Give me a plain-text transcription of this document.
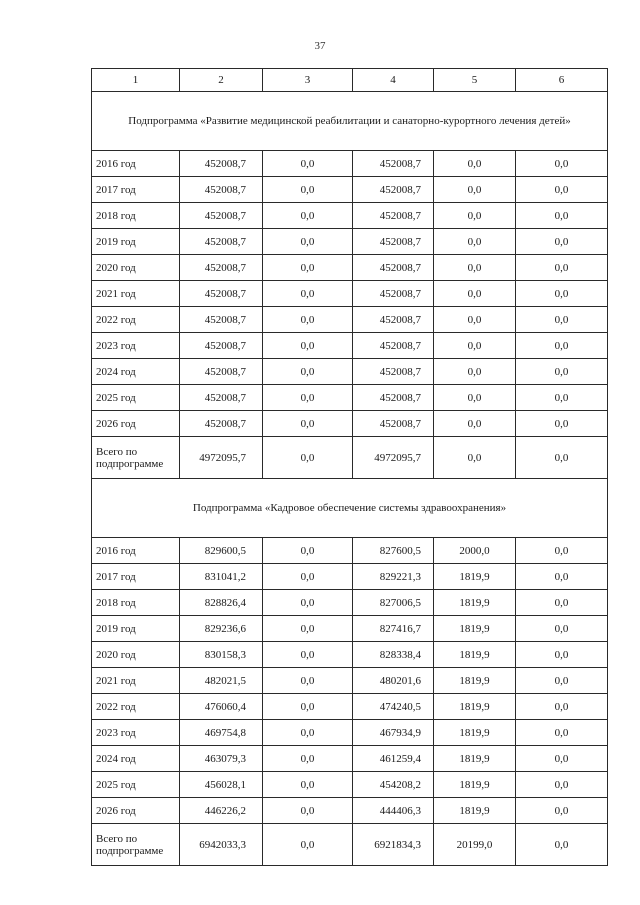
37
1	2	3	4	5	6
Подпрограмма «Развитие медицинской реабилитации и санаторно-курортного лечения детей»					
2016 год	452008,7	0,0	452008,7	0,0	0,0
2017 год	452008,7	0,0	452008,7	0,0	0,0
2018 год	452008,7	0,0	452008,7	0,0	0,0
2019 год	452008,7	0,0	452008,7	0,0	0,0
2020 год	452008,7	0,0	452008,7	0,0	0,0
2021 год	452008,7	0,0	452008,7	0,0	0,0
2022 год	452008,7	0,0	452008,7	0,0	0,0
2023 год	452008,7	0,0	452008,7	0,0	0,0
2024 год	452008,7	0,0	452008,7	0,0	0,0
2025 год	452008,7	0,0	452008,7	0,0	0,0
2026 год	452008,7	0,0	452008,7	0,0	0,0
Всего по подпрограмме	4972095,7	0,0	4972095,7	0,0	0,0
Подпрограмма «Кадровое обеспечение системы здравоохранения»					
2016 год	829600,5	0,0	827600,5	2000,0	0,0
2017 год	831041,2	0,0	829221,3	1819,9	0,0
2018 год	828826,4	0,0	827006,5	1819,9	0,0
2019 год	829236,6	0,0	827416,7	1819,9	0,0
2020 год	830158,3	0,0	828338,4	1819,9	0,0
2021 год	482021,5	0,0	480201,6	1819,9	0,0
2022 год	476060,4	0,0	474240,5	1819,9	0,0
2023 год	469754,8	0,0	467934,9	1819,9	0,0
2024 год	463079,3	0,0	461259,4	1819,9	0,0
2025 год	456028,1	0,0	454208,2	1819,9	0,0
2026 год	446226,2	0,0	444406,3	1819,9	0,0
Всего по подпрограмме	6942033,3	0,0	6921834,3	20199,0	0,0
